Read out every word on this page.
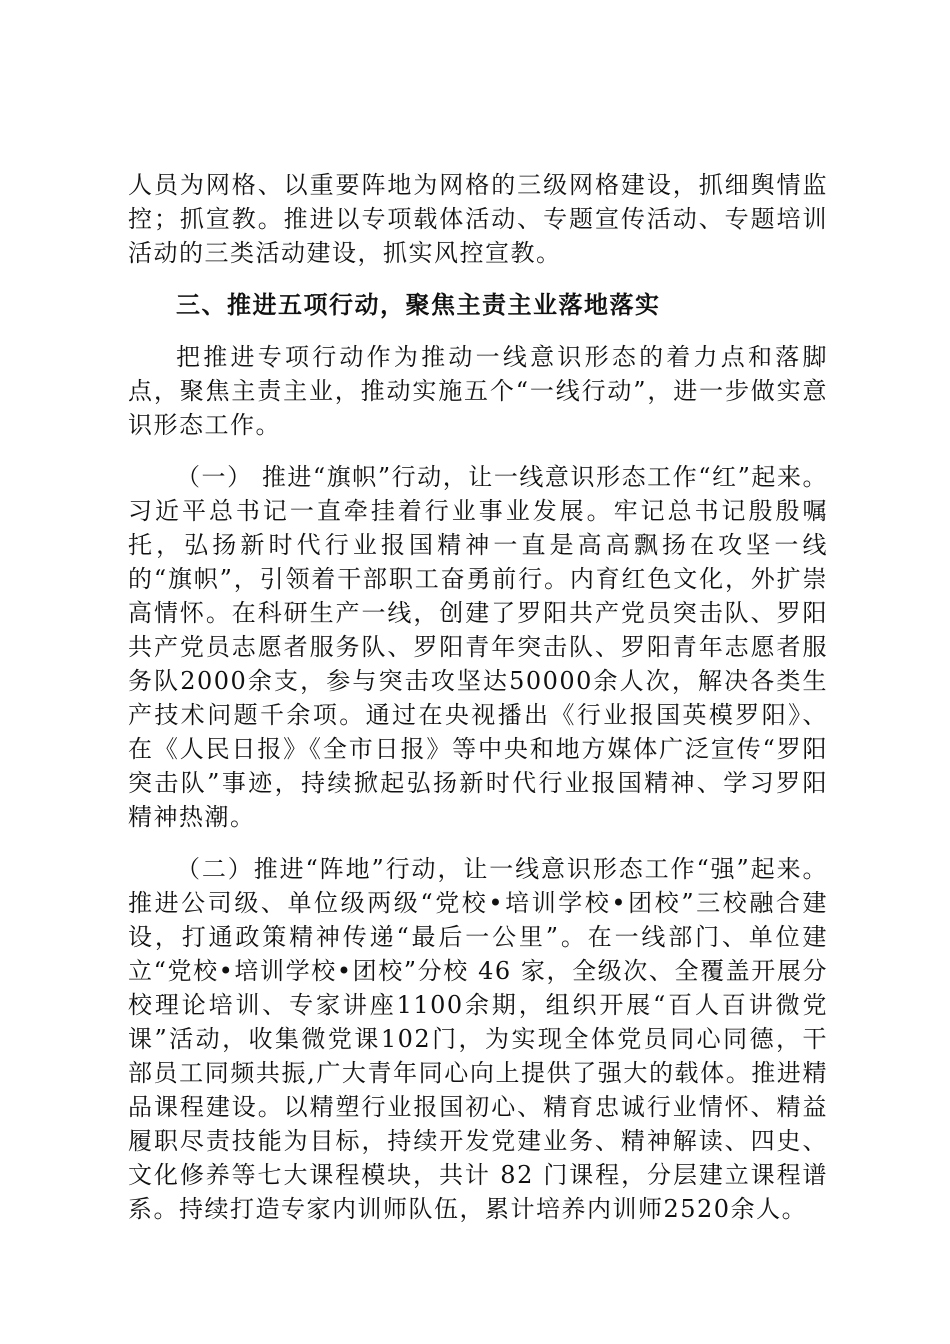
人员为网格、以重要阵地为网格的三级网格建设，抓细舆情监控；抓宣教。推进以专项载体活动、专题宣传活动、专题培训活动的三类活动建设，抓实风控宣教。

三、推进五项行动，聚焦主责主业落地落实

把推进专项行动作为推动一线意识形态的着力点和落脚点，聚焦主责主业，推动实施五个“一线行动”，进一步做实意识形态工作。

（一） 推进“旗帜”行动，让一线意识形态工作“红”起来。习近平总书记一直牵挂着行业事业发展。牢记总书记殷殷嘱托，弘扬新时代行业报国精神一直是高高飘扬在攻坚一线的“旗帜”，引领着干部职工奋勇前行。内育红色文化，外扩崇高情怀。在科研生产一线，创建了罗阳共产党员突击队、罗阳共产党员志愿者服务队、罗阳青年突击队、罗阳青年志愿者服务队2000余支，参与突击攻坚达50000余人次，解决各类生产技术问题千余项。通过在央视播出《行业报国英模罗阳》、在《人民日报》《全市日报》等中央和地方媒体广泛宣传“罗阳突击队”事迹，持续掀起弘扬新时代行业报国精神、学习罗阳精神热潮。

（二）推进“阵地”行动，让一线意识形态工作“强”起来。推进公司级、单位级两级“党校•培训学校•团校”三校融合建设，打通政策精神传递“最后一公里”。在一线部门、单位建立“党校•培训学校•团校”分校 46 家，全级次、全覆盖开展分校理论培训、专家讲座1100余期，组织开展“百人百讲微党课”活动，收集微党课102门，为实现全体党员同心同德，干部员工同频共振,广大青年同心向上提供了强大的载体。推进精品课程建设。以精塑行业报国初心、精育忠诚行业情怀、精益履职尽责技能为目标，持续开发党建业务、精神解读、四史、文化修养等七大课程模块，共计 82 门课程，分层建立课程谱系。持续打造专家内训师队伍，累计培养内训师2520余人。
